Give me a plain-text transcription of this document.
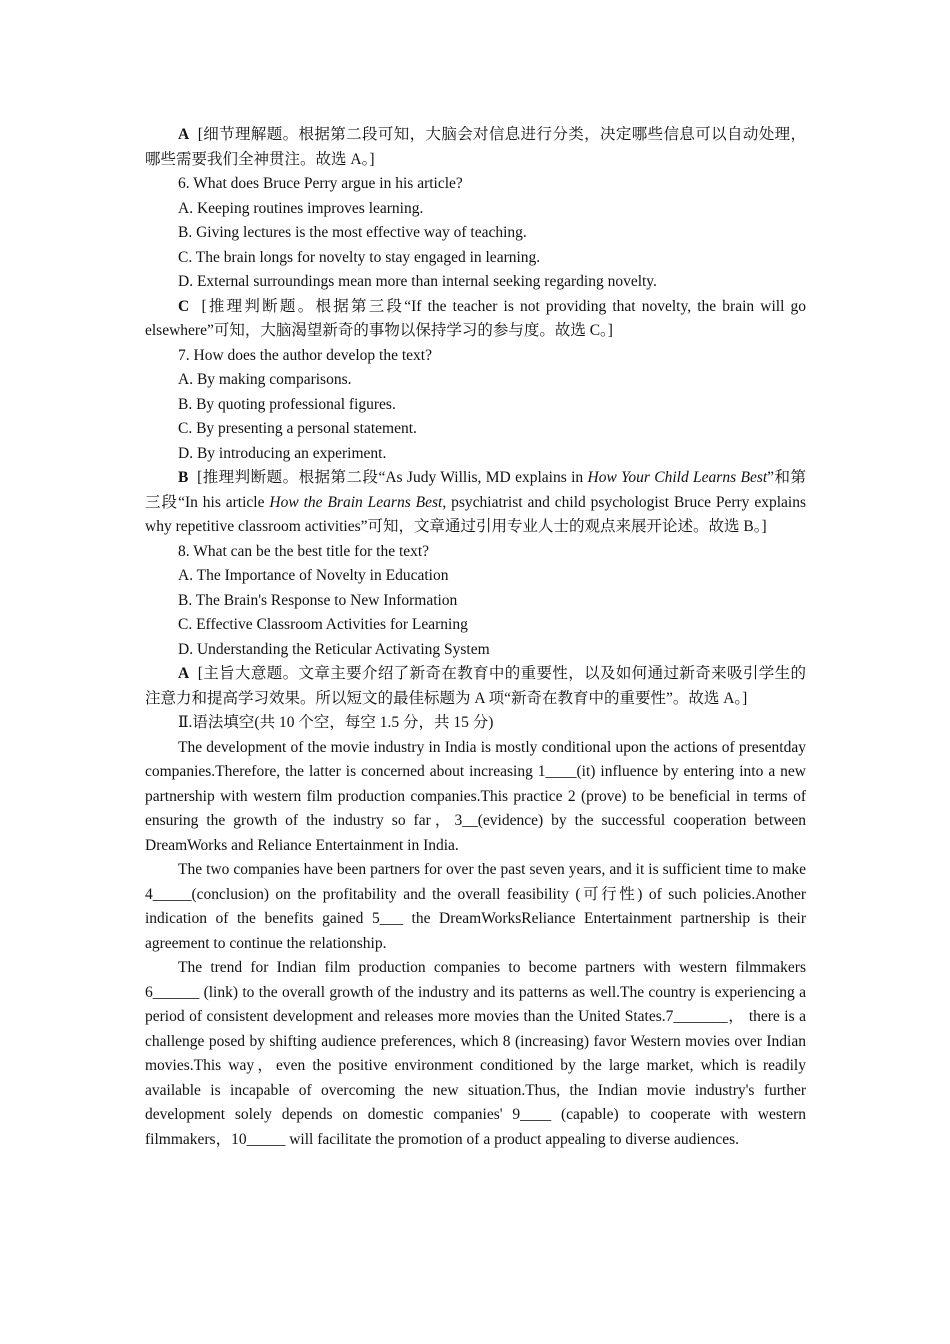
A [细节理解题。根据第二段可知，大脑会对信息进行分类，决定哪些信息可以自动处理，哪些需要我们全神贯注。故选 A。]

6. What does Bruce Perry argue in his article?

A. Keeping routines improves learning.

B. Giving lectures is the most effective way of teaching.

C. The brain longs for novelty to stay engaged in learning.

D. External surroundings mean more than internal seeking regarding novelty.

C [推理判断题。根据第三段“If the teacher is not providing that novelty, the brain will go elsewhere”可知，大脑渴望新奇的事物以保持学习的参与度。故选 C。]

7. How does the author develop the text?

A. By making comparisons.

B. By quoting professional figures.

C. By presenting a personal statement.

D. By introducing an experiment.

B [推理判断题。根据第二段“As Judy Willis, MD explains in How Your Child Learns Best”和第三段“In his article How the Brain Learns Best, psychiatrist and child psychologist Bruce Perry explains why repetitive classroom activities”可知，文章通过引用专业人士的观点来展开论述。故选 B。]

8. What can be the best title for the text?

A. The Importance of Novelty in Education

B. The Brain's Response to New Information

C. Effective Classroom Activities for Learning

D. Understanding the Reticular Activating System

A [主旨大意题。文章主要介绍了新奇在教育中的重要性，以及如何通过新奇来吸引学生的注意力和提高学习效果。所以短文的最佳标题为 A 项“新奇在教育中的重要性”。故选 A。]

Ⅱ.语法填空(共 10 个空，每空 1.5 分，共 15 分)

The development of the movie industry in India is mostly conditional upon the actions of presentday companies.Therefore, the latter is concerned about increasing 1____(it) influence by entering into a new partnership with western film production companies.This practice 2 (prove) to be beneficial in terms of ensuring the growth of the industry so far，3__(evidence) by the successful cooperation between DreamWorks and Reliance Entertainment in India.

The two companies have been partners for over the past seven years, and it is sufficient time to make 4_____(conclusion) on the profitability and the overall feasibility (可行性) of such policies.Another indication of the benefits gained 5___ the DreamWorksReliance Entertainment partnership is their agreement to continue the relationship.

The trend for Indian film production companies to become partners with western filmmakers 6______ (link) to the overall growth of the industry and its patterns as well.The country is experiencing a period of consistent development and releases more movies than the United States.7_______， there is a challenge posed by shifting audience preferences, which 8 (increasing) favor Western movies over Indian movies.This way，even the positive environment conditioned by the large market, which is readily available is incapable of overcoming the new situation.Thus, the Indian movie industry's further development solely depends on domestic companies' 9____ (capable) to cooperate with western filmmakers，10_____ will facilitate the promotion of a product appealing to diverse audiences.
